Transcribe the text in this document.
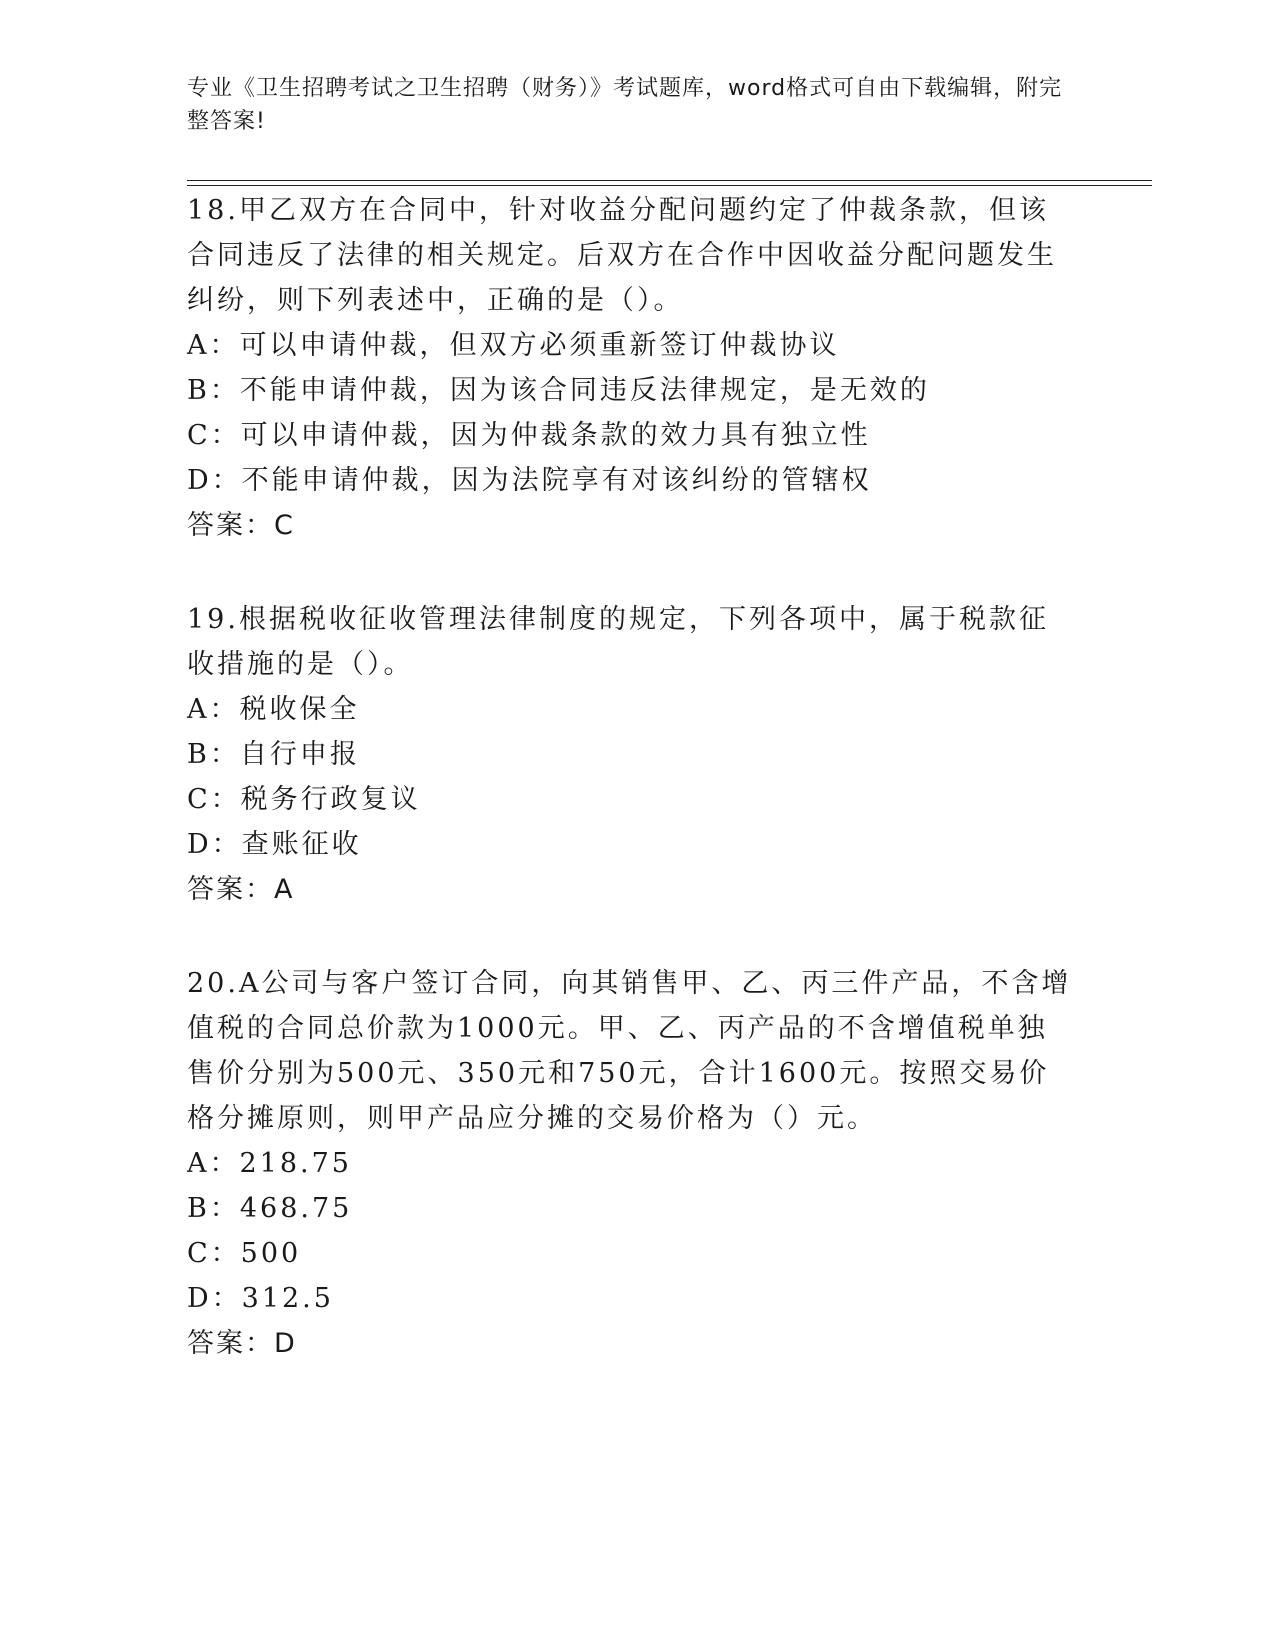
专业《卫生招聘考试之卫生招聘（财务）》考试题库，word格式可自由下载编辑，附完整答案!
18.甲乙双方在合同中，针对收益分配问题约定了仲裁条款，但该合同违反了法律的相关规定。后双方在合作中因收益分配问题发生纠纷，则下列表述中，正确的是（）。
A：可以申请仲裁，但双方必须重新签订仲裁协议
B：不能申请仲裁，因为该合同违反法律规定，是无效的
C：可以申请仲裁，因为仲裁条款的效力具有独立性
D：不能申请仲裁，因为法院享有对该纠纷的管辖权
答案：C
19.根据税收征收管理法律制度的规定，下列各项中，属于税款征收措施的是（）。
A：税收保全
B：自行申报
C：税务行政复议
D：查账征收
答案：A
20.A公司与客户签订合同，向其销售甲、乙、丙三件产品，不含增值税的合同总价款为1000元。甲、乙、丙产品的不含增值税单独售价分别为500元、350元和750元，合计1600元。按照交易价格分摊原则，则甲产品应分摊的交易价格为（）元。
A：218.75
B：468.75
C：500
D：312.5
答案：D
